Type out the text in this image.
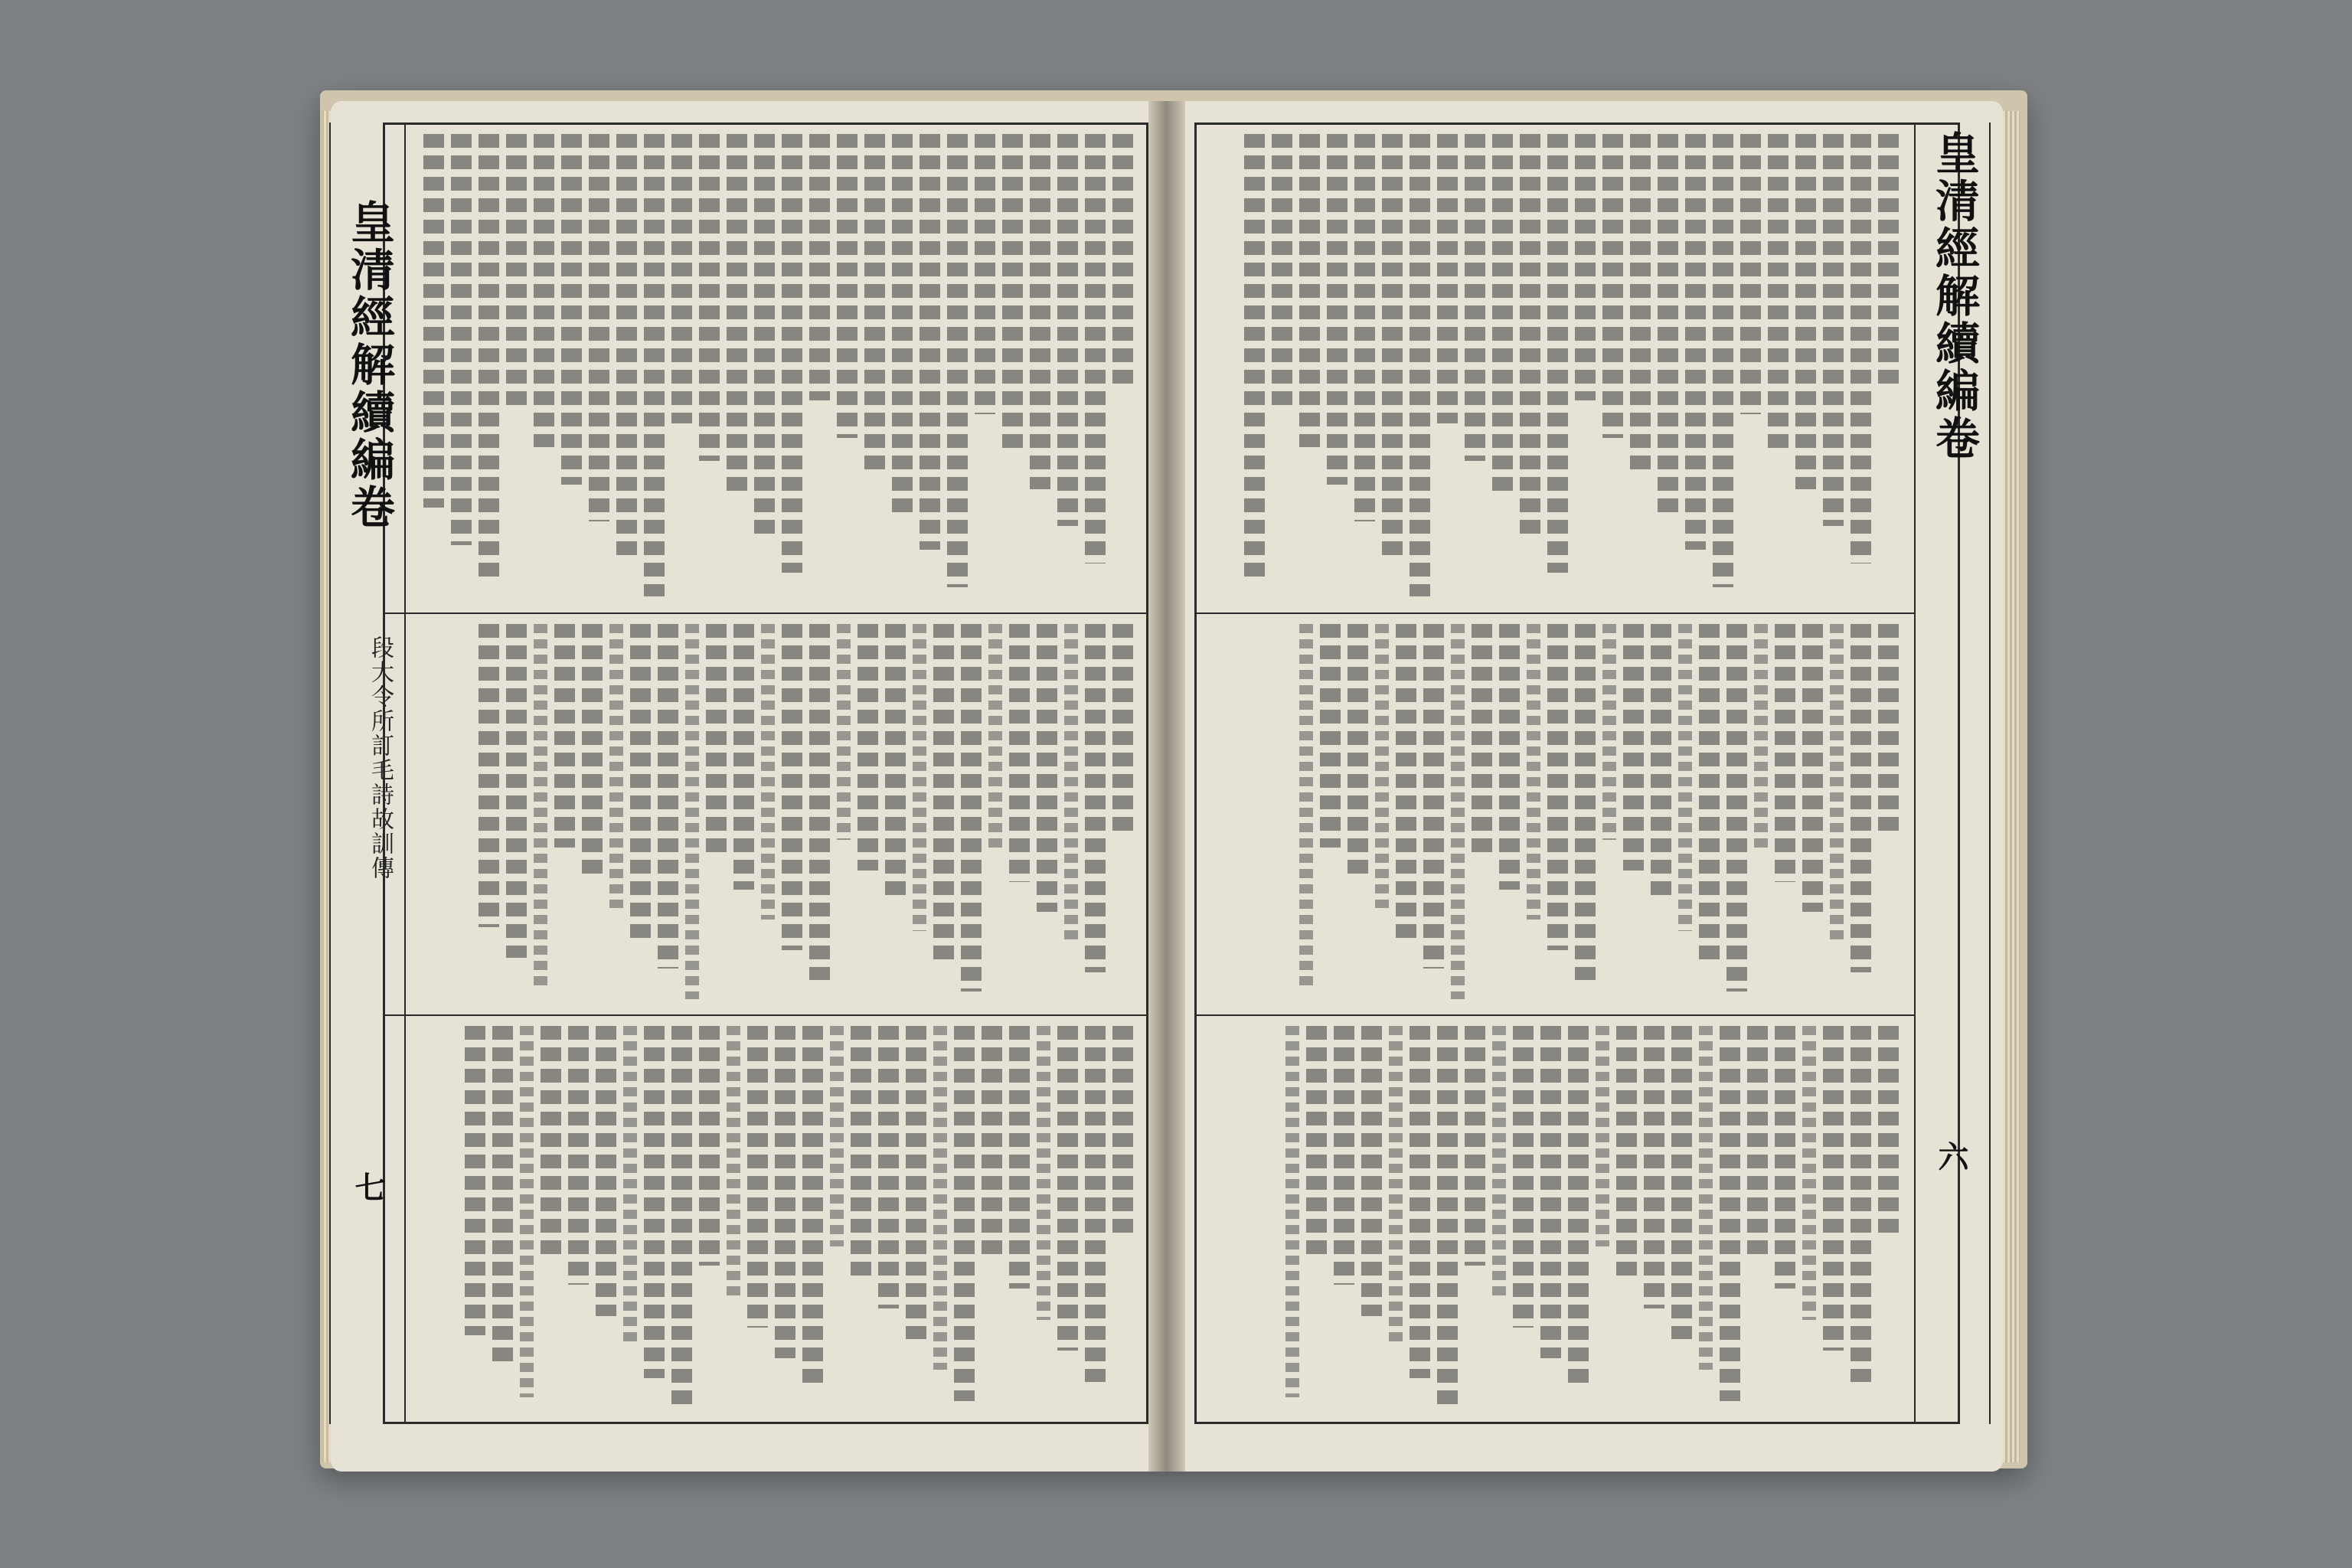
皇清經解續編卷
七
段大令所訂毛詩故訓傳
皇清經解續編卷
六
